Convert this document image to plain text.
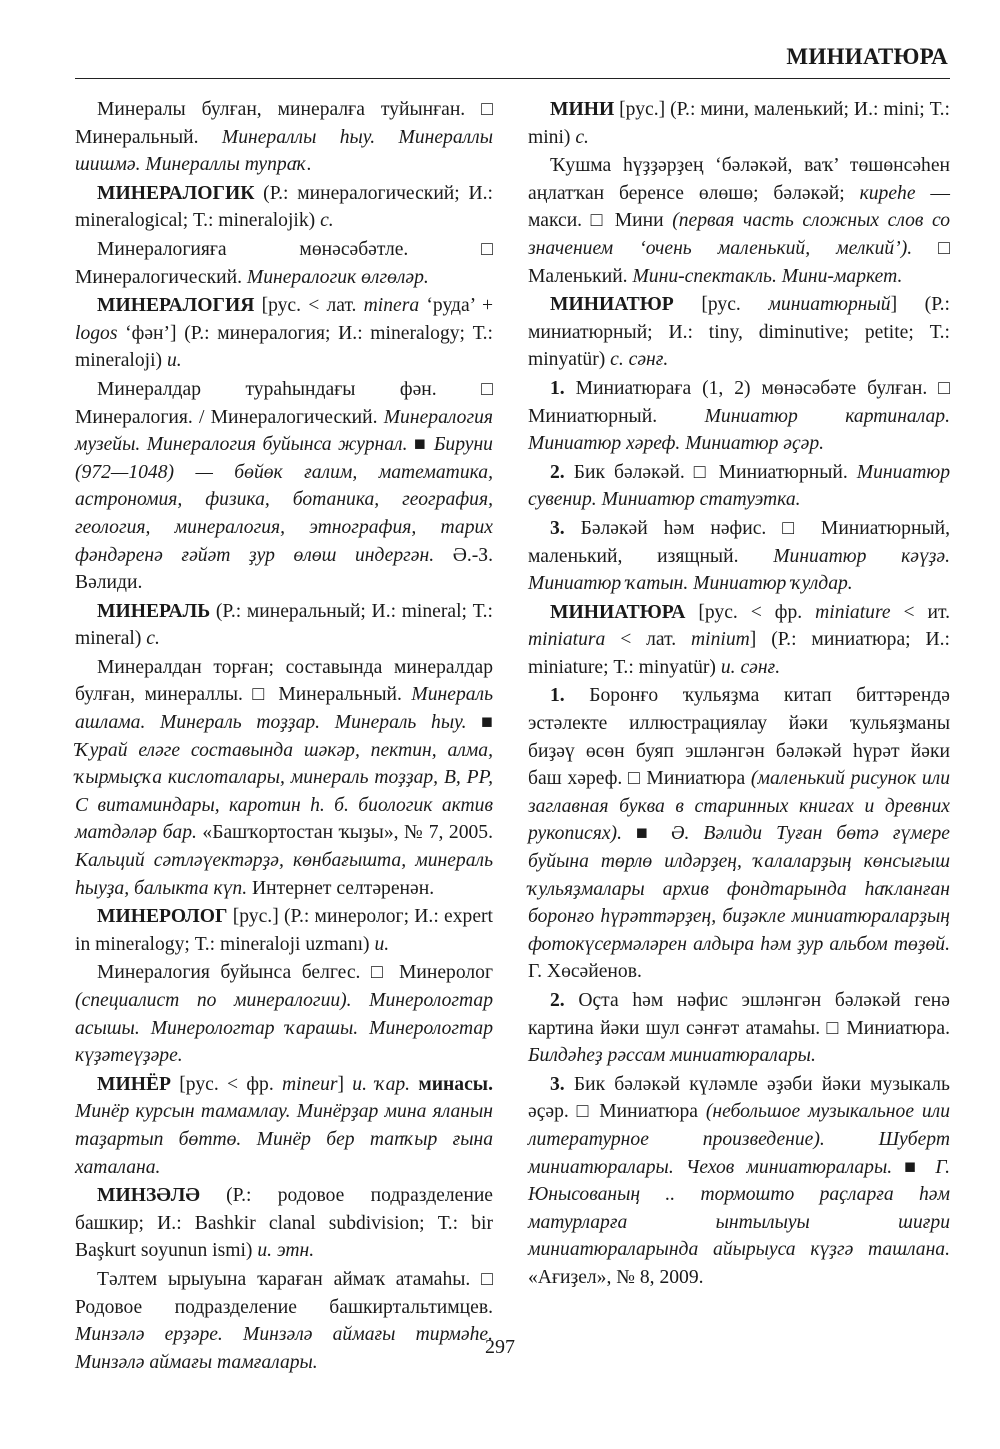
МИНИАТЮРА

Минералы булған, минералға туйынған. □ Минеральный. Минераллы һыу. Минераллы шишмә. Минераллы тупраҡ.

МИНЕРАЛОГИК (Р.: минералогический; И.: mineralogical; Т.: mineralojik) с.

Минералогияға мөнәсәбәтле. □ Минералогический. Минералогик өлгөләр.

МИНЕРАЛОГИЯ [рус. < лат. minera ‘руда’ + logos ‘фән’] (Р.: минералогия; И.: mineralogy; Т.: mineraloji) и.

Минералдар тураһындағы фән. □ Минералогия. / Минералогический. Минералогия музейы. Минералогия буйынса журнал. ■ Бируни (972—1048) — бөйөк ғалим, математика, астрономия, физика, ботаника, география, геология, минералогия, этнография, тарих фәндәренә ғәйәт ҙур өлөш индергән. Ә.-З. Вәлиди.

МИНЕРАЛЬ (Р.: минеральный; И.: mineral; Т.: mineral) с.

Минералдан торған; составында минералдар булған, минераллы. □ Минеральный. Минераль ашлама. Минераль тоҙҙар. Минераль һыу. ■ Ҡурай еләге составында шәкәр, пектин, алма, ҡырмыҫҡа кислоталары, минераль тоҙҙар, B, PP, C витаминдары, каротин һ. б. биологик актив матдәләр бар. «Башҡортостан ҡыҙы», № 7, 2005. Кальций сәтләүектәрҙә, көнбағышта, минераль һыуҙа, балыкта күп. Интернет селтәренән.

МИНЕРОЛОГ [рус.] (Р.: минеролог; И.: expert in mineralogy; Т.: mineraloji uzmanı) и.

Минералогия буйынса белгес. □ Минеролог (специалист по минералогии). Минерологтар асышы. Минерологтар ҡарашы. Минерологтар күҙәтеүҙәре.

МИНЁР [рус. < фр. mineur] и. ҡар. минасы. Минёр курсын тамамлау. Минёрҙар мина яланын таҙартып бөттө. Минёр бер тапҡыр ғына хаталана.

МИНЗӘЛӘ (Р.: родовое подразделение башкир; И.: Bashkir clanal subdivision; Т.: bir Başkurt soyunun ismi) и. этн.

Тәлтем ырыуына ҡараған аймаҡ атамаһы. □ Родовое подразделение башкиртальтимцев. Минзәлә ерҙәре. Минзәлә аймағы тирмәһе. Минзәлә аймағы тамғалары.

МИНИ [рус.] (Р.: мини, маленький; И.: mini; Т.: mini) с.

Ҡушма һүҙҙәрҙең ‘бәләкәй, ваҡ’ төшөнсәһен аңлатҡан беренсе өлөшө; бәләкәй; киреһе — макси. □ Мини (первая часть сложных слов со значением ‘очень маленький, мелкий’). □ Маленький. Мини-спектакль. Мини-маркет.

МИНИАТЮР [рус. миниатюрный] (Р.: миниатюрный; И.: tiny, diminutive; petite; Т.: minyatür) с. сәнғ.

1. Миниатюраға (1, 2) мөнәсәбәте булған. □ Миниатюрный. Миниатюр картиналар. Миниатюр хәреф. Миниатюр әҫәр.

2. Бик бәләкәй. □ Миниатюрный. Миниатюр сувенир. Миниатюр статуэтка.

3. Бәләкәй һәм нәфис. □ Миниатюрный, маленький, изящный. Миниатюр кәүҙә. Миниатюр ҡатын. Миниатюр ҡулдар.

МИНИАТЮРА [рус. < фр. miniature < ит. miniatura < лат. minium] (Р.: миниатюра; И.: miniature; Т.: minyatür) и. сәнғ.

1. Боронғо ҡульяҙма китап биттәрендә эстәлекте иллюстрациялау йәки ҡульяҙманы биҙәү өсөн буяп эшләнгән бәләкәй һүрәт йәки баш хәреф. □ Миниатюра (маленький рисунок или заглавная буква в старинных книгах и древних рукописях). ■ Ә. Вәлиди Туған бөтә ғүмере буйына төрлө илдәрҙең, ҡалаларҙың көнсығыш ҡульяҙмалары архив фондтарында һаҡланған боронғо һүрәттәрҙең, биҙәкле миниатюраларҙың фотокүсермәләрен алдыра һәм ҙур альбом төҙөй. Г. Хөсәйенов.

2. Оҫта һәм нәфис эшләнгән бәләкәй генә картина йәки шул сәнғәт атамаһы. □ Миниатюра. Билдәһеҙ рәссам миниатюралары.

3. Бик бәләкәй күләмле әҙәби йәки музыкаль әҫәр. □ Миниатюра (небольшое музыкальное или литературное произведение). Шуберт миниатюралары. Чехов миниатюралары. ■ Г. Юнысованың .. тормошто раҫларға һәм матурларға ынтылыуы шиғри миниатюраларында айырыуса күҙгә ташлана. «Ағиҙел», № 8, 2009.

297
